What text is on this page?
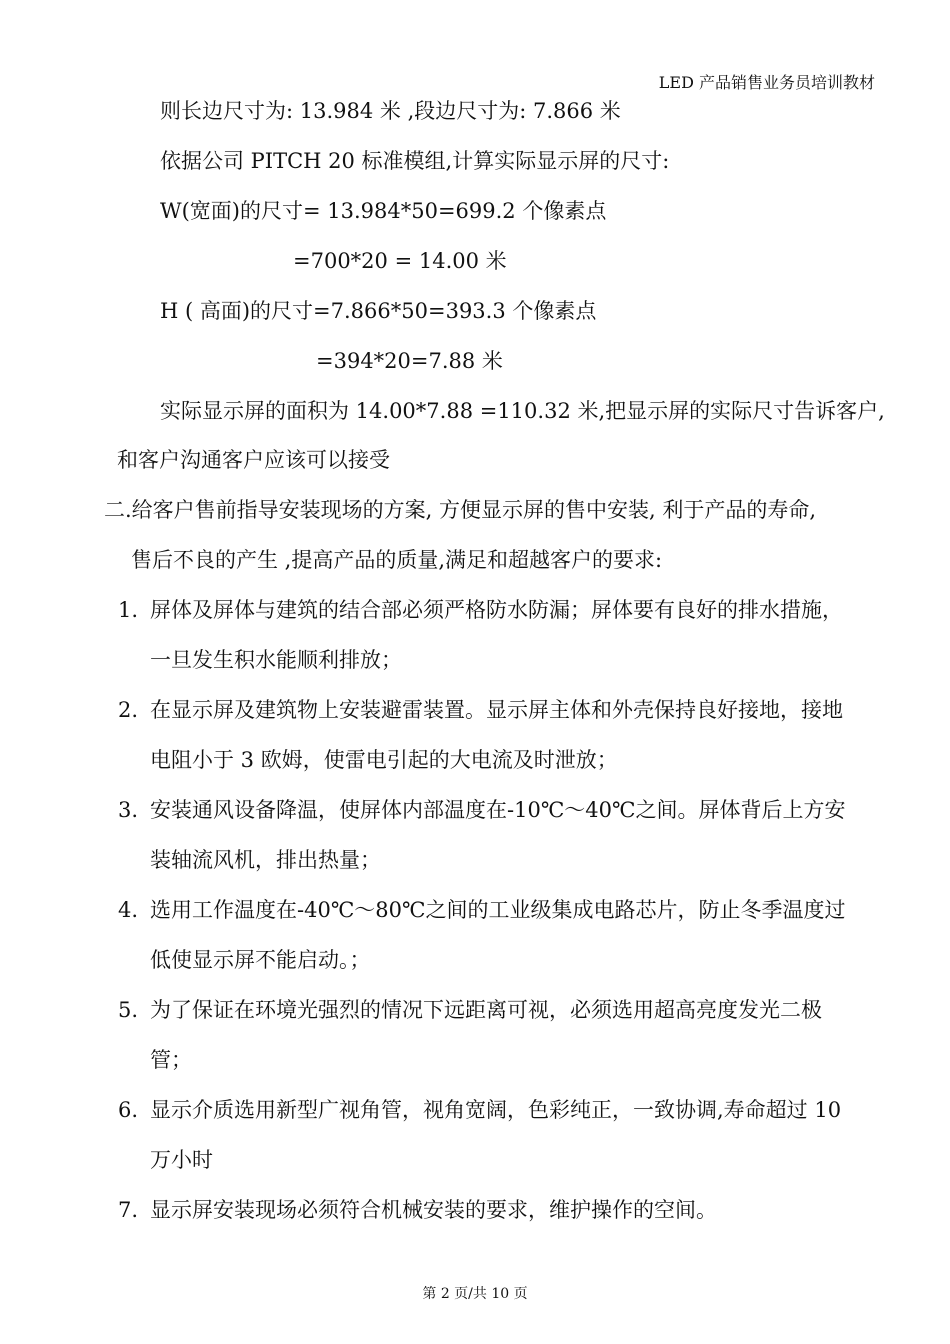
LED 产品销售业务员培训教材
则长边尺寸为: 13.984 米 ,段边尺寸为: 7.866 米
依据公司 PITCH 20 标准模组,计算实际显示屏的尺寸:
W(宽面)的尺寸= 13.984*50=699.2 个像素点
=700*20 = 14.00 米
H ( 高面)的尺寸=7.866*50=393.3 个像素点
=394*20=7.88 米
实际显示屏的面积为 14.00*7.88 =110.32 米,把显示屏的实际尺寸告诉客户,
和客户沟通客户应该可以接受
二.给客户售前指导安装现场的方案, 方便显示屏的售中安装, 利于产品的寿命,
售后不良的产生 ,提高产品的质量,满足和超越客户的要求:
1. 屏体及屏体与建筑的结合部必须严格防水防漏；屏体要有良好的排水措施，
一旦发生积水能顺利排放；
2. 在显示屏及建筑物上安装避雷装置。显示屏主体和外壳保持良好接地，接地
电阻小于 3 欧姆，使雷电引起的大电流及时泄放；
3. 安装通风设备降温，使屏体内部温度在-10℃～40℃之间。屏体背后上方安
装轴流风机，排出热量；
4. 选用工作温度在-40℃～80℃之间的工业级集成电路芯片，防止冬季温度过
低使显示屏不能启动。；
5. 为了保证在环境光强烈的情况下远距离可视，必须选用超高亮度发光二极
管；
6. 显示介质选用新型广视角管，视角宽阔，色彩纯正，一致协调,寿命超过 10
万小时
7. 显示屏安装现场必须符合机械安装的要求，维护操作的空间。
第 2 页/共 10 页
